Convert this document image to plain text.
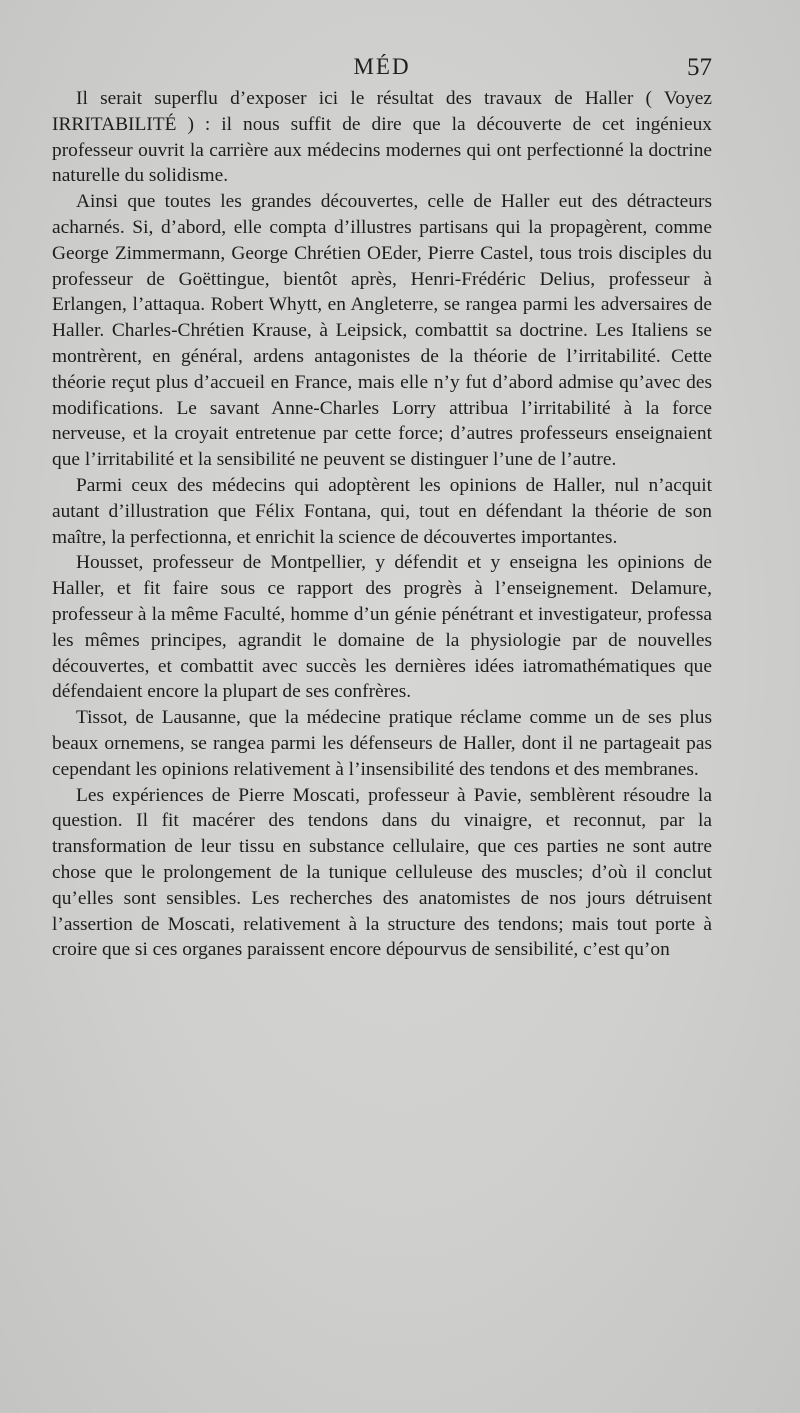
MÉD	57

Il serait superflu d’exposer ici le résultat des travaux de Haller ( Voyez IRRITABILITÉ ) : il nous suffit de dire que la découverte de cet ingénieux professeur ouvrit la carrière aux médecins modernes qui ont perfectionné la doctrine naturelle du solidisme.

Ainsi que toutes les grandes découvertes, celle de Haller eut des détracteurs acharnés. Si, d’abord, elle compta d’illustres partisans qui la propagèrent, comme George Zimmermann, George Chrétien OEder, Pierre Castel, tous trois disciples du professeur de Goëttingue, bientôt après, Henri-Frédéric Delius, professeur à Erlangen, l’attaqua. Robert Whytt, en Angleterre, se rangea parmi les adversaires de Haller. Charles-Chrétien Krause, à Leipsick, combattit sa doctrine. Les Italiens se montrèrent, en général, ardens antagonistes de la théorie de l’irritabilité. Cette théorie reçut plus d’accueil en France, mais elle n’y fut d’abord admise qu’avec des modifications. Le savant Anne-Charles Lorry attribua l’irritabilité à la force nerveuse, et la croyait entretenue par cette force; d’autres professeurs enseignaient que l’irritabilité et la sensibilité ne peuvent se distinguer l’une de l’autre.

Parmi ceux des médecins qui adoptèrent les opinions de Haller, nul n’acquit autant d’illustration que Félix Fontana, qui, tout en défendant la théorie de son maître, la perfectionna, et enrichit la science de découvertes importantes.

Housset, professeur de Montpellier, y défendit et y enseigna les opinions de Haller, et fit faire sous ce rapport des progrès à l’enseignement. Delamure, professeur à la même Faculté, homme d’un génie pénétrant et investigateur, professa les mêmes principes, agrandit le domaine de la physiologie par de nouvelles découvertes, et combattit avec succès les dernières idées iatromathématiques que défendaient encore la plupart de ses confrères.

Tissot, de Lausanne, que la médecine pratique réclame comme un de ses plus beaux ornemens, se rangea parmi les défenseurs de Haller, dont il ne partageait pas cependant les opinions relativement à l’insensibilité des tendons et des membranes.

Les expériences de Pierre Moscati, professeur à Pavie, semblèrent résoudre la question. Il fit macérer des tendons dans du vinaigre, et reconnut, par la transformation de leur tissu en substance cellulaire, que ces parties ne sont autre chose que le prolongement de la tunique celluleuse des muscles; d’où il conclut qu’elles sont sensibles. Les recherches des anatomistes de nos jours détruisent l’assertion de Moscati, relativement à la structure des tendons; mais tout porte à croire que si ces organes paraissent encore dépourvus de sensibilité, c’est qu’on
